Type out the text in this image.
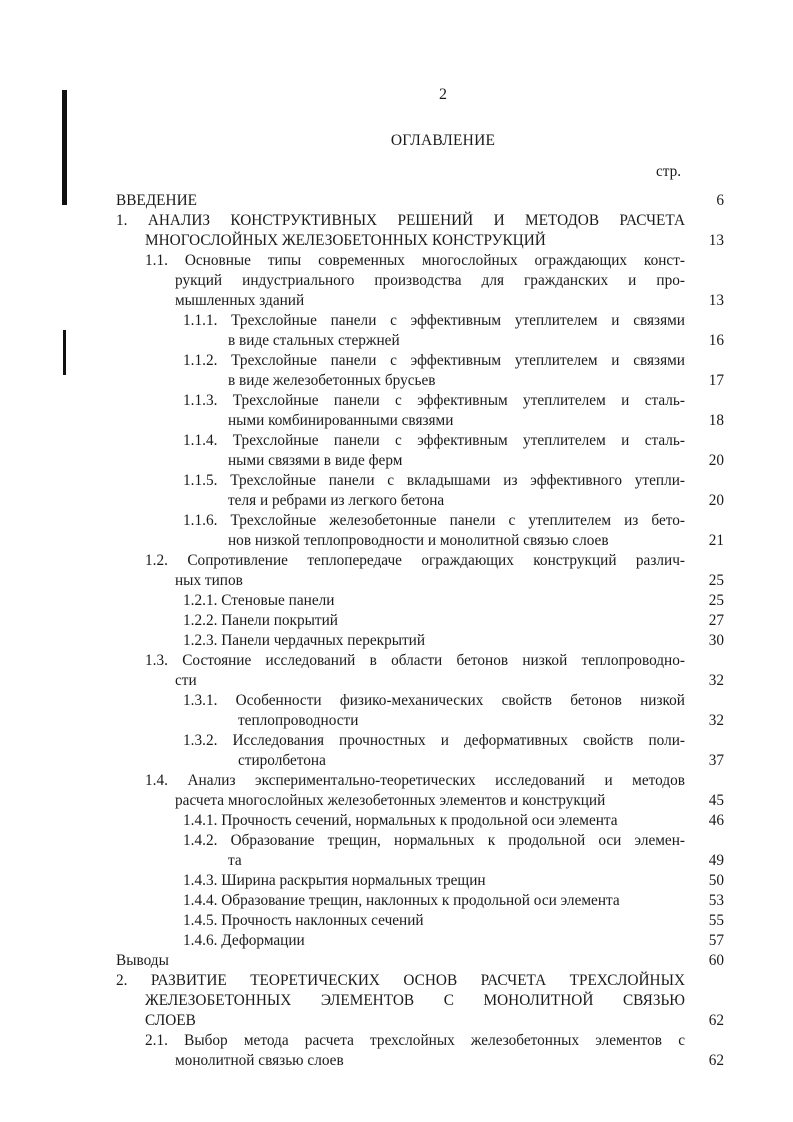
2
ОГЛАВЛЕНИЕ
стр.
ВВЕДЕНИЕ	6
1. АНАЛИЗ КОНСТРУКТИВНЫХ РЕШЕНИЙ И МЕТОДОВ РАСЧЕТА
МНОГОСЛОЙНЫХ ЖЕЛЕЗОБЕТОННЫХ КОНСТРУКЦИЙ	13
1.1. Основные типы современных многослойных ограждающих конст-
рукций индустриального производства для гражданских и про-
мышленных зданий	13
1.1.1. Трехслойные панели с эффективным утеплителем и связями
в виде стальных стержней	16
1.1.2. Трехслойные панели с эффективным утеплителем и связями
в виде железобетонных брусьев	17
1.1.3. Трехслойные панели с эффективным утеплителем и сталь-
ными комбинированными связями	18
1.1.4. Трехслойные панели с эффективным утеплителем и сталь-
ными связями в виде ферм	20
1.1.5. Трехслойные панели с вкладышами из эффективного утепли-
теля и ребрами из легкого бетона	20
1.1.6. Трехслойные железобетонные панели с утеплителем из бето-
нов низкой теплопроводности и монолитной связью слоев	21
1.2. Сопротивление теплопередаче ограждающих конструкций различ-
ных типов	25
1.2.1. Стеновые панели	25
1.2.2. Панели покрытий	27
1.2.3. Панели чердачных перекрытий	30
1.3. Состояние исследований в области бетонов низкой теплопроводно-
сти	32
1.3.1. Особенности физико-механических свойств бетонов низкой
теплопроводности	32
1.3.2. Исследования прочностных и деформативных свойств поли-
стиролбетона	37
1.4. Анализ экспериментально-теоретических исследований и методов
расчета многослойных железобетонных элементов и конструкций	45
1.4.1. Прочность сечений, нормальных к продольной оси элемента	46
1.4.2. Образование трещин, нормальных к продольной оси элемен-
та	49
1.4.3. Ширина раскрытия нормальных трещин	50
1.4.4. Образование трещин, наклонных к продольной оси элемента	53
1.4.5. Прочность наклонных сечений	55
1.4.6. Деформации	57
Выводы	60
2. РАЗВИТИЕ ТЕОРЕТИЧЕСКИХ ОСНОВ РАСЧЕТА ТРЕХСЛОЙНЫХ
ЖЕЛЕЗОБЕТОННЫХ ЭЛЕМЕНТОВ С МОНОЛИТНОЙ СВЯЗЬЮ
СЛОЕВ	62
2.1. Выбор метода расчета трехслойных железобетонных элементов с
монолитной связью слоев	62
